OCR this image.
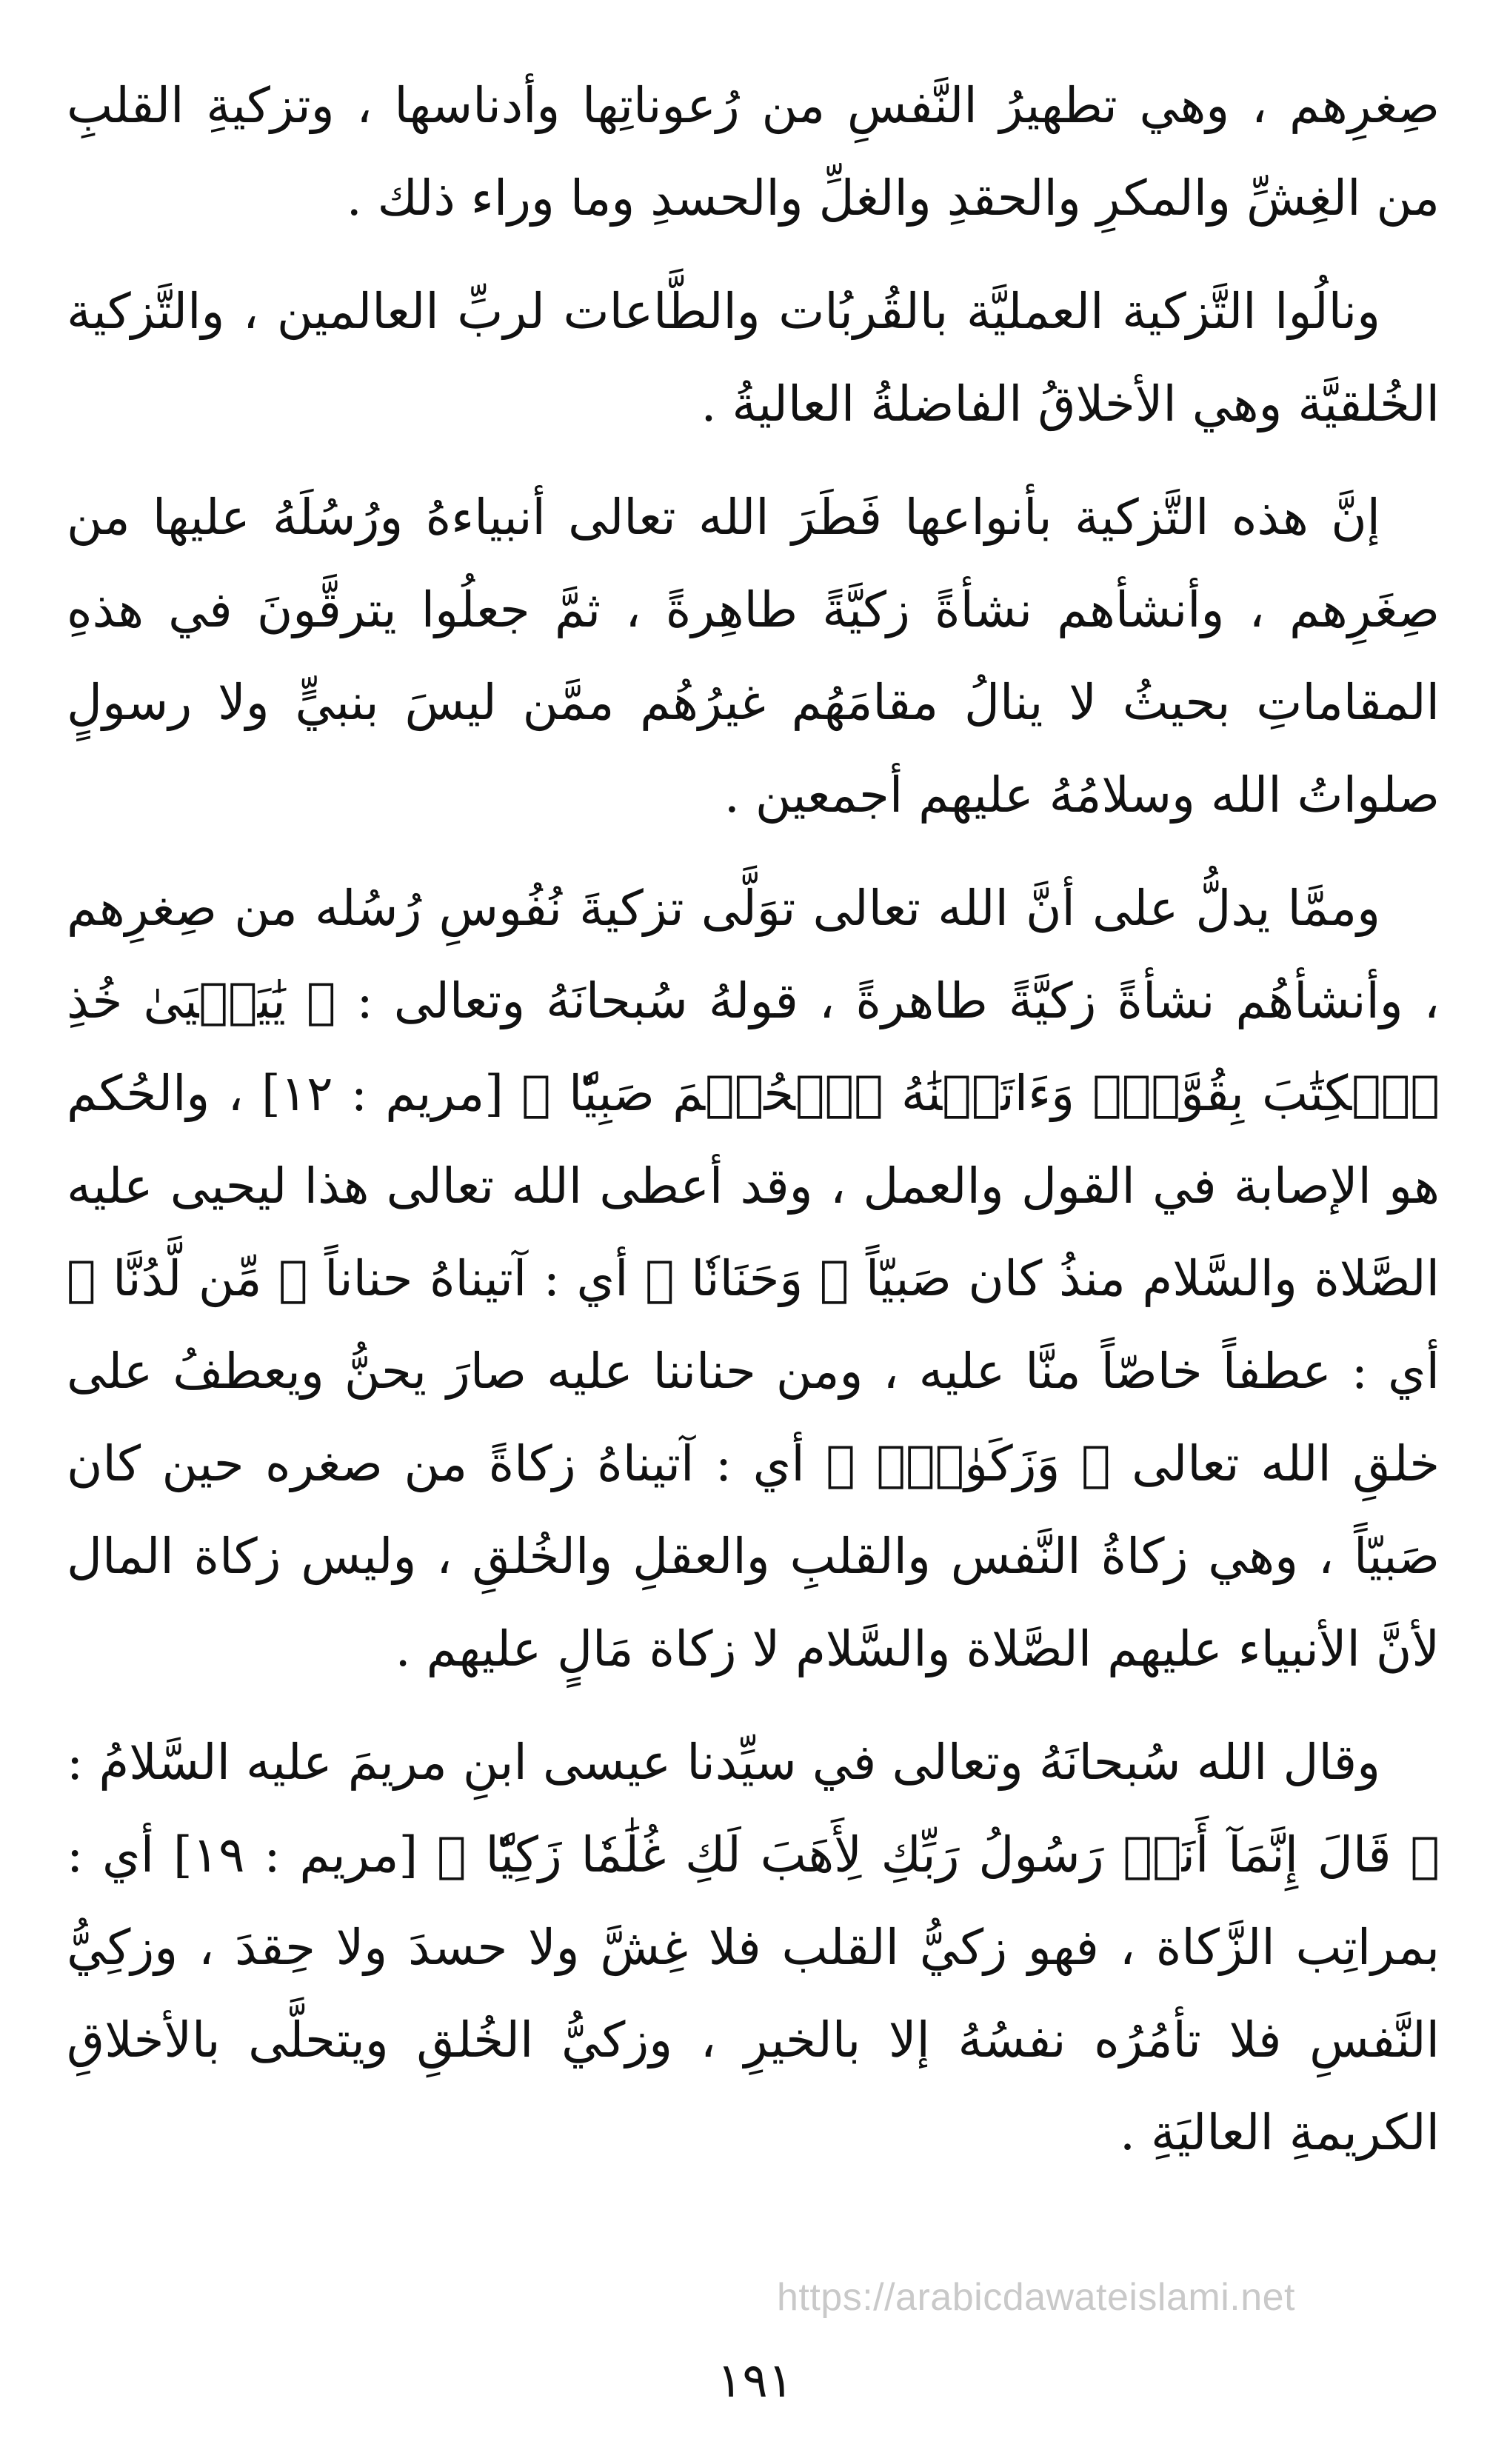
صِغرِهم ، وهي تطهيرُ النَّفسِ من رُعوناتِها وأدناسها ، وتزكيةِ القلبِ من الغِشِّ والمكرِ والحقدِ والغلِّ والحسدِ وما وراء ذلك .

ونالُوا التَّزكية العمليَّة بالقُربُات والطَّاعات لربِّ العالمين ، والتَّزكية الخُلقيَّة وهي الأخلاقُ الفاضلةُ العاليةُ .

إنَّ هذه التَّزكية بأنواعها فَطَرَ الله تعالى أنبياءهُ ورُسُلَهُ عليها من صِغَرِهم ، وأنشأهم نشأةً زكيَّةً طاهِرةً ، ثمَّ جعلُوا يترقَّونَ في هذهِ المقاماتِ بحيثُ لا ينالُ مقامَهُم غيرُهُم ممَّن ليسَ بنبيٍّ ولا رسولٍ صلواتُ الله وسلامُهُ عليهم أجمعين .

وممَّا يدلُّ على أنَّ الله تعالى توَلَّى تزكيةَ نُفُوسِ رُسُله من صِغرِهم ، وأنشأهُم نشأةً زكيَّةً طاهرةً ، قولهُ سُبحانَهُ وتعالى : ﴿ يَٰيَحۡيَىٰ خُذِ ٱلۡكِتَٰبَ بِقُوَّةٖۖ وَءَاتَيۡنَٰهُ ٱلۡحُكۡمَ صَبِيّٗا ﴾ [مريم : ١٢] ، والحُكم هو الإصابة في القول والعمل ، وقد أعطى الله تعالى هذا ليحيى عليه الصَّلاة والسَّلام منذُ كان صَبيّاً ﴿ وَحَنَانٗا ﴾ أي : آتيناهُ حناناً ﴿ مِّن لَّدُنَّا ﴾ أي : عطفاً خاصّاً منَّا عليه ، ومن حناننا عليه صارَ يحنُّ ويعطفُ على خلقِ الله تعالى ﴿ وَزَكَوٰةٗۖ ﴾ أي : آتيناهُ زكاةً من صغره حين كان صَبيّاً ، وهي زكاةُ النَّفس والقلبِ والعقلِ والخُلقِ ، وليس زكاة المال لأنَّ الأنبياء عليهم الصَّلاة والسَّلام لا زكاة مَالٍ عليهم .

وقال الله سُبحانَهُ وتعالى في سيِّدنا عيسى ابنِ مريمَ عليه السَّلامُ : ﴿ قَالَ إِنَّمَآ أَنَا۠ رَسُولُ رَبِّكِ لِأَهَبَ لَكِ غُلَٰمٗا زَكِيّٗا ﴾ [مريم : ١٩] أي : بمراتِب الزَّكاة ، فهو زكيُّ القلب فلا غِشَّ ولا حسدَ ولا حِقدَ ، وزكِيُّ النَّفسِ فلا تأمُرُه نفسُهُ إلا بالخيرِ ، وزكيُّ الخُلقِ ويتحلَّى بالأخلاقِ الكريمةِ العاليَةِ .

https://arabicdawateislami.net
١٩١
